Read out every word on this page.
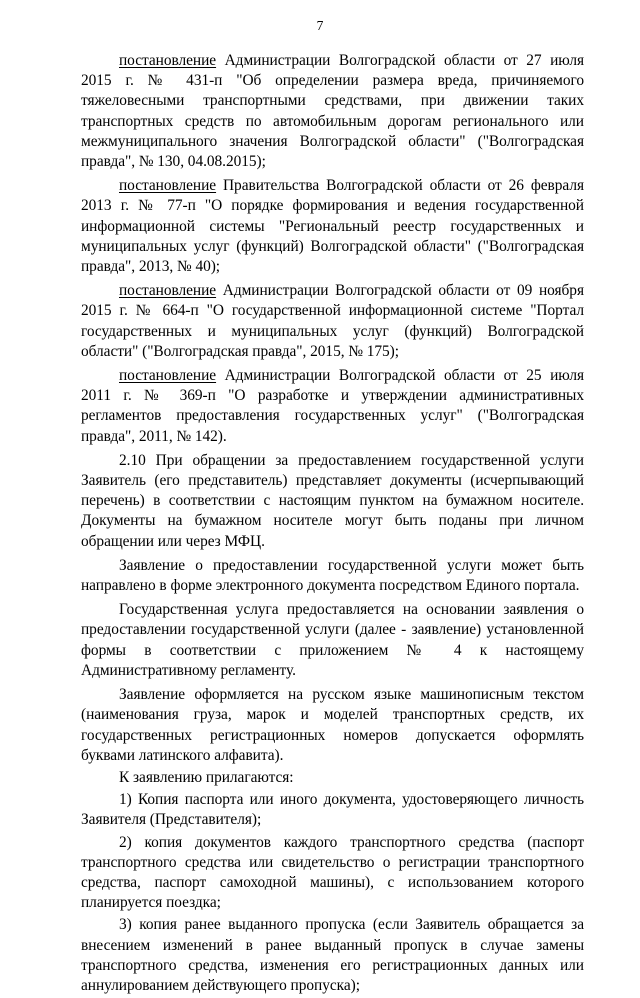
7

постановление Администрации Волгоградской области от 27 июля 2015 г. № 431-п "Об определении размера вреда, причиняемого тяжеловесными транспортными средствами, при движении таких транспортных средств по автомобильным дорогам регионального или межмуниципального значения Волгоградской области" ("Волгоградская правда", № 130, 04.08.2015);

постановление Правительства Волгоградской области от 26 февраля 2013 г. № 77-п "О порядке формирования и ведения государственной информационной системы "Региональный реестр государственных и муниципальных услуг (функций) Волгоградской области" ("Волгоградская правда", 2013, № 40);

постановление Администрации Волгоградской области от 09 ноября 2015 г. № 664-п "О государственной информационной системе "Портал государственных и муниципальных услуг (функций) Волгоградской области" ("Волгоградская правда", 2015, № 175);

постановление Администрации Волгоградской области от 25 июля 2011 г. № 369-п "О разработке и утверждении административных регламентов предоставления государственных услуг" ("Волгоградская правда", 2011, № 142).

2.10 При обращении за предоставлением государственной услуги Заявитель (его представитель) представляет документы (исчерпывающий перечень) в соответствии с настоящим пунктом на бумажном носителе. Документы на бумажном носителе могут быть поданы при личном обращении или через МФЦ.

Заявление о предоставлении государственной услуги может быть направлено в форме электронного документа посредством Единого портала.

Государственная услуга предоставляется на основании заявления о предоставлении государственной услуги (далее - заявление) установленной формы в соответствии с приложением № 4 к настоящему Административному регламенту.

Заявление оформляется на русском языке машинописным текстом (наименования груза, марок и моделей транспортных средств, их государственных регистрационных номеров допускается оформлять буквами латинского алфавита).

К заявлению прилагаются:

1) Копия паспорта или иного документа, удостоверяющего личность Заявителя (Представителя);

2) копия документов каждого транспортного средства (паспорт транспортного средства или свидетельство о регистрации транспортного средства, паспорт самоходной машины), с использованием которого планируется поездка;

3) копия ранее выданного пропуска (если Заявитель обращается за внесением изменений в ранее выданный пропуск в случае замены транспортного средства, изменения его регистрационных данных или аннулированием действующего пропуска);
